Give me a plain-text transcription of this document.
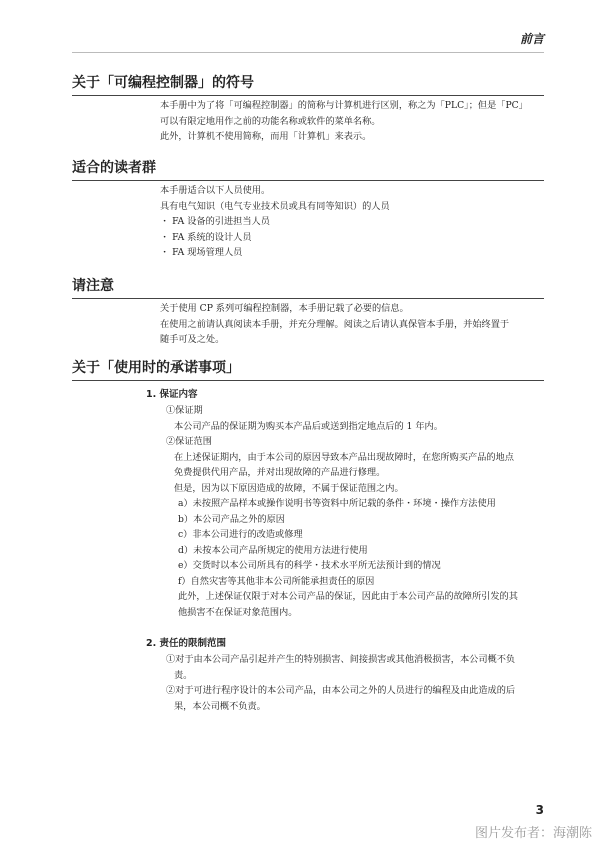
前言
关于「可编程控制器」的符号

本手册中为了将「可编程控制器」的简称与计算机进行区别，称之为「PLC」；但是「PC」

可以有限定地用作之前的功能名称或软件的菜单名称。

此外，计算机不使用简称，而用「计算机」来表示。

适合的读者群

本手册适合以下人员使用。

具有电气知识（电气专业技术员或具有同等知识）的人员

・ FA 设备的引进担当人员

・ FA 系统的设计人员

・ FA 现场管理人员

请注意

关于使用 CP 系列可编程控制器，本手册记载了必要的信息。

在使用之前请认真阅读本手册，并充分理解。阅读之后请认真保管本手册，并始终置于

随手可及之处。

关于「使用时的承诺事项」
1. 保证内容

①保证期

本公司产品的保证期为购买本产品后或送到指定地点后的 1 年内。

②保证范围

在上述保证期内，由于本公司的原因导致本产品出现故障时，在您所购买产品的地点

免费提供代用产品，并对出现故障的产品进行修理。

但是，因为以下原因造成的故障，不属于保证范围之内。

a）未按照产品样本或操作说明书等资料中所记载的条件・环境・操作方法使用

b）本公司产品之外的原因

c）非本公司进行的改造或修理

d）未按本公司产品所规定的使用方法进行使用

e）交货时以本公司所具有的科学・技术水平所无法预计到的情况

f）自然灾害等其他非本公司所能承担责任的原因

此外，上述保证仅限于对本公司产品的保证，因此由于本公司产品的故障所引发的其

他损害不在保证对象范围内。

2. 责任的限制范围

①对于由本公司产品引起并产生的特别损害、间接损害或其他消极损害，本公司概不负

责。

②对于可进行程序设计的本公司产品，由本公司之外的人员进行的编程及由此造成的后

果，本公司概不负责。

3
图片发布者：海潮陈
